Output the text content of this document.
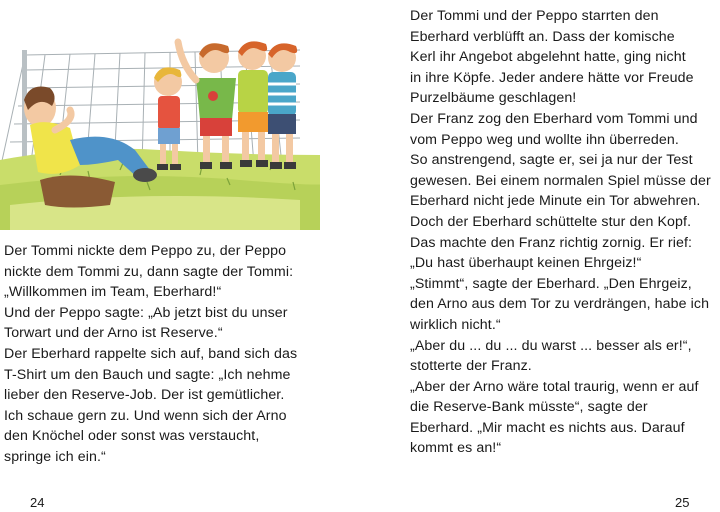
Der Tommi nickte dem Peppo zu, der Peppo
nickte dem Tommi zu, dann sagte der Tommi:
„Willkommen im Team, Eberhard!“
Und der Peppo sagte: „Ab jetzt bist du unser
Torwart und der Arno ist Reserve.“
Der Eberhard rappelte sich auf, band sich das
T-Shirt um den Bauch und sagte: „Ich nehme
lieber den Reserve-Job. Der ist gemütlicher.
Ich schaue gern zu. Und wenn sich der Arno
den Knöchel oder sonst was verstaucht,
springe ich ein.“
24
Der Tommi und der Peppo starrten den
Eberhard verblüfft an. Dass der komische
Kerl ihr Angebot abgelehnt hatte, ging nicht
in ihre Köpfe. Jeder andere hätte vor Freude
Purzelbäume geschlagen!
Der Franz zog den Eberhard vom Tommi und
vom Peppo weg und wollte ihn überreden.
So anstrengend, sagte er, sei ja nur der Test
gewesen. Bei einem normalen Spiel müsse der
Eberhard nicht jede Minute ein Tor abwehren.
Doch der Eberhard schüttelte stur den Kopf.
Das machte den Franz richtig zornig. Er rief:
„Du hast überhaupt keinen Ehrgeiz!“
„Stimmt“, sagte der Eberhard. „Den Ehrgeiz,
den Arno aus dem Tor zu verdrängen, habe ich
wirklich nicht.“
„Aber du ... du ... du warst ... besser als er!“,
stotterte der Franz.
„Aber der Arno wäre total traurig, wenn er auf
die Reserve-Bank müsste“, sagte der
Eberhard. „Mir macht es nichts aus. Darauf
kommt es an!“
25
